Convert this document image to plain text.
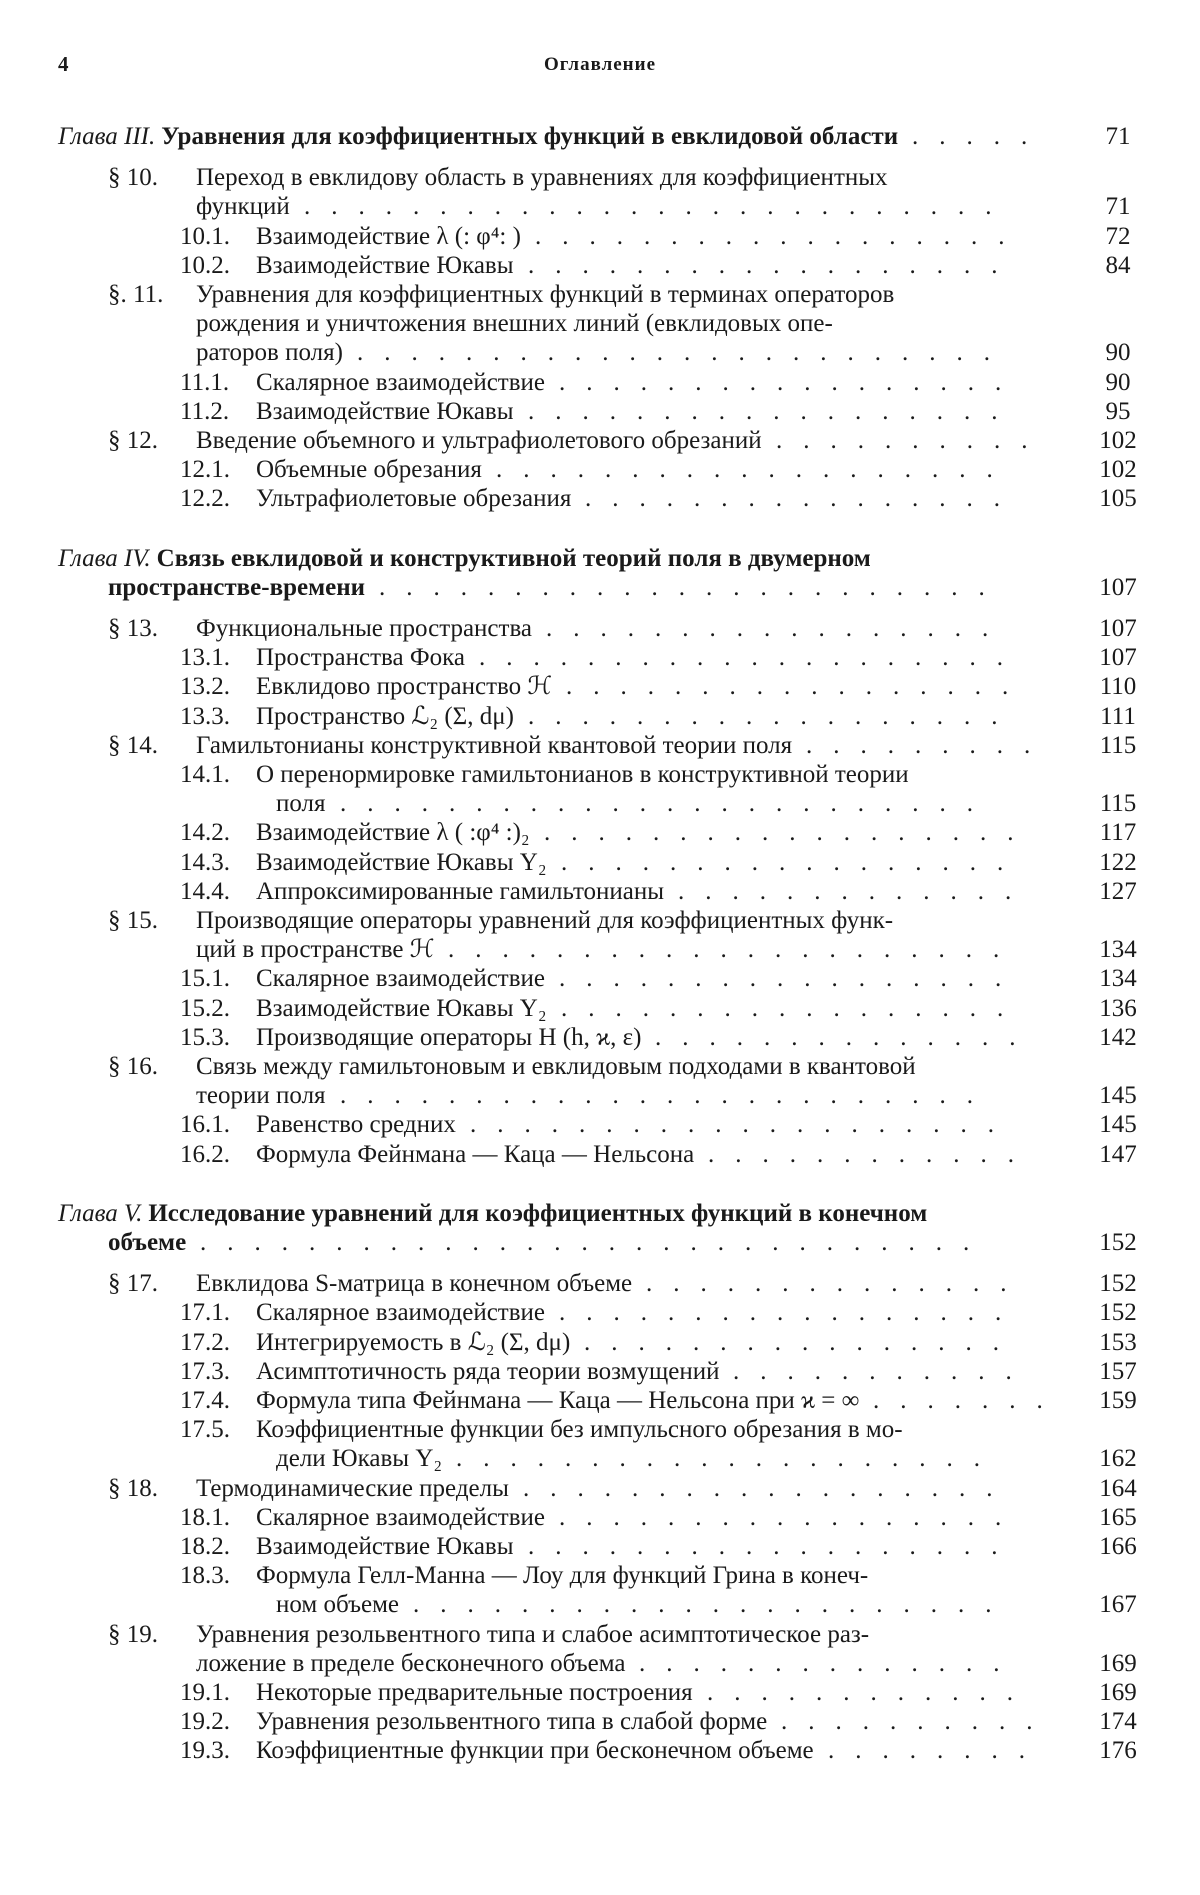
4	Оглавление
Глава III. Уравнения для коэффициентных функций в евклидовой области	71
.....
§ 10. Переход в евклидову область в уравнениях для коэффициентных
функций	71
..........................
10.1. Взаимодействие λ (: φ⁴: )	72
..................
10.2. Взаимодействие Юкавы	84
..................
§. 11. Уравнения для коэффициентных функций в терминах операторов
рождения и уничтожения внешних линий (евклидовых опе-
раторов поля)	90
........................
11.1. Скалярное взаимодействие	90
.................
11.2. Взаимодействие Юкавы	95
..................
§ 12. Введение объемного и ультрафиолетового обрезаний	102
..........
12.1. Объемные обрезания	102
...................
12.2. Ультрафиолетовые обрезания	105
................
Глава IV. Связь евклидовой и конструктивной теорий поля в двумерном
пространстве-времени	107
.......................
§ 13. Функциональные пространства	107
.................
13.1. Пространства Фока	107
....................
13.2. Евклидово пространство ℋ	110
.................
13.3. Пространство ℒ₂ (Σ, dμ)	111
..................
§ 14. Гамильтонианы конструктивной квантовой теории поля	115
.........
14.1. О перенормировке гамильтонианов в конструктивной теории
поля	115
........................
14.2. Взаимодействие λ ( :φ⁴ :)₂	117
..................
14.3. Взаимодействие Юкавы Y₂	122
.................
14.4. Аппроксимированные гамильтонианы	127
.............
§ 15. Производящие операторы уравнений для коэффициентных функ-
ций в пространстве ℋ	134
.....................
15.1. Скалярное взаимодействие	134
.................
15.2. Взаимодействие Юкавы Y₂	136
.................
15.3. Производящие операторы H (h, ϰ, ε)	142
..............
§ 16. Связь между гамильтоновым и евклидовым подходами в квантовой
теории поля	145
........................
16.1. Равенство средних	145
....................
16.2. Формула Фейнмана — Каца — Нельсона	147
............
Глава V. Исследование уравнений для коэффициентных функций в конечном
объеме	152
.............................
§ 17. Евклидова S-матрица в конечном объеме	152
..............
17.1. Скалярное взаимодействие	152
.................
17.2. Интегрируемость в ℒ₂ (Σ, dμ)	153
................
17.3. Асимптотичность ряда теории возмущений	157
...........
17.4. Формула типа Фейнмана — Каца — Нельсона при ϰ = ∞	159
.......
17.5. Коэффициентные функции без импульсного обрезания в мо-
дели Юкавы Y₂	162
....................
§ 18. Термодинамические пределы	164
..................
18.1. Скалярное взаимодействие	165
.................
18.2. Взаимодействие Юкавы	166
..................
18.3. Формула Гелл-Манна — Лоу для функций Грина в конеч-
ном объеме	167
......................
§ 19. Уравнения резольвентного типа и слабое асимптотическое раз-
ложение в пределе бесконечного объема	169
..............
19.1. Некоторые предварительные построения	169
............
19.2. Уравнения резольвентного типа в слабой форме	174
..........
19.3. Коэффициентные функции при бесконечном объеме	176
........
